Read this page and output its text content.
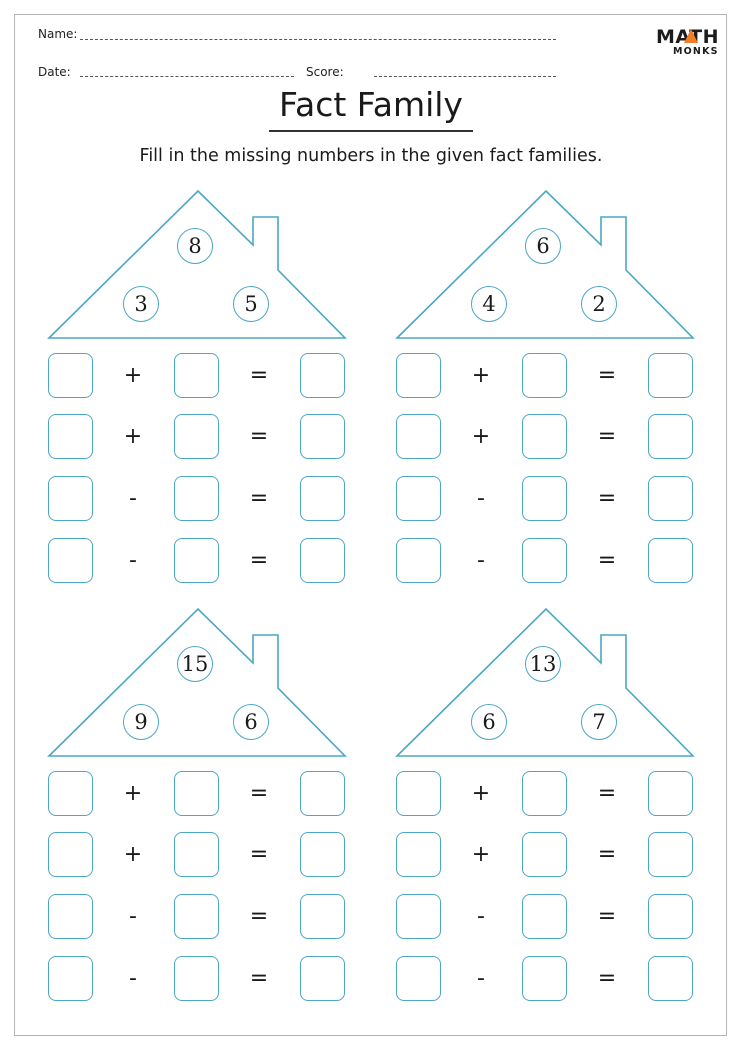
Name:
Date:	Score:
MATH
MONKS
Fact Family
Fill in the missing numbers in the given fact families.
8
3	5
+	=
+	=
-	=
-	=
6
4	2
+	=
+	=
-	=
-	=
15
9	6
+	=
+	=
-	=
-	=
13
6	7
+	=
+	=
-	=
-	=
